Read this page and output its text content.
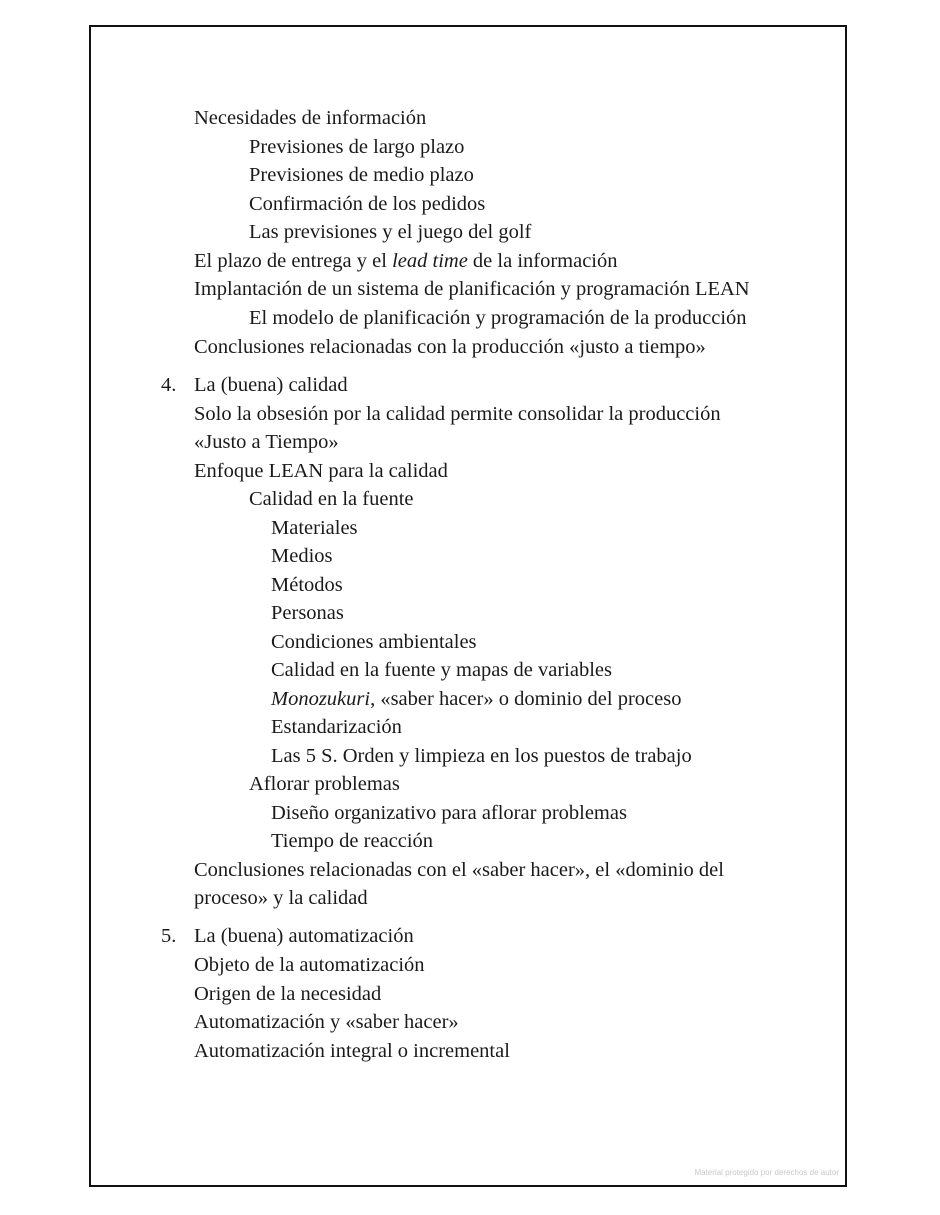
Necesidades de información
Previsiones de largo plazo
Previsiones de medio plazo
Confirmación de los pedidos
Las previsiones y el juego del golf
El plazo de entrega y el lead time de la información
Implantación de un sistema de planificación y programación LEAN
El modelo de planificación y programación de la producción
Conclusiones relacionadas con la producción «justo a tiempo»
4. La (buena) calidad
Solo la obsesión por la calidad permite consolidar la producción
«Justo a Tiempo»
Enfoque LEAN para la calidad
Calidad en la fuente
Materiales
Medios
Métodos
Personas
Condiciones ambientales
Calidad en la fuente y mapas de variables
Monozukuri, «saber hacer» o dominio del proceso
Estandarización
Las 5 S. Orden y limpieza en los puestos de trabajo
Aflorar problemas
Diseño organizativo para aflorar problemas
Tiempo de reacción
Conclusiones relacionadas con el «saber hacer», el «dominio del
proceso» y la calidad
5. La (buena) automatización
Objeto de la automatización
Origen de la necesidad
Automatización y «saber hacer»
Automatización integral o incremental
Material protegido por derechos de autor
